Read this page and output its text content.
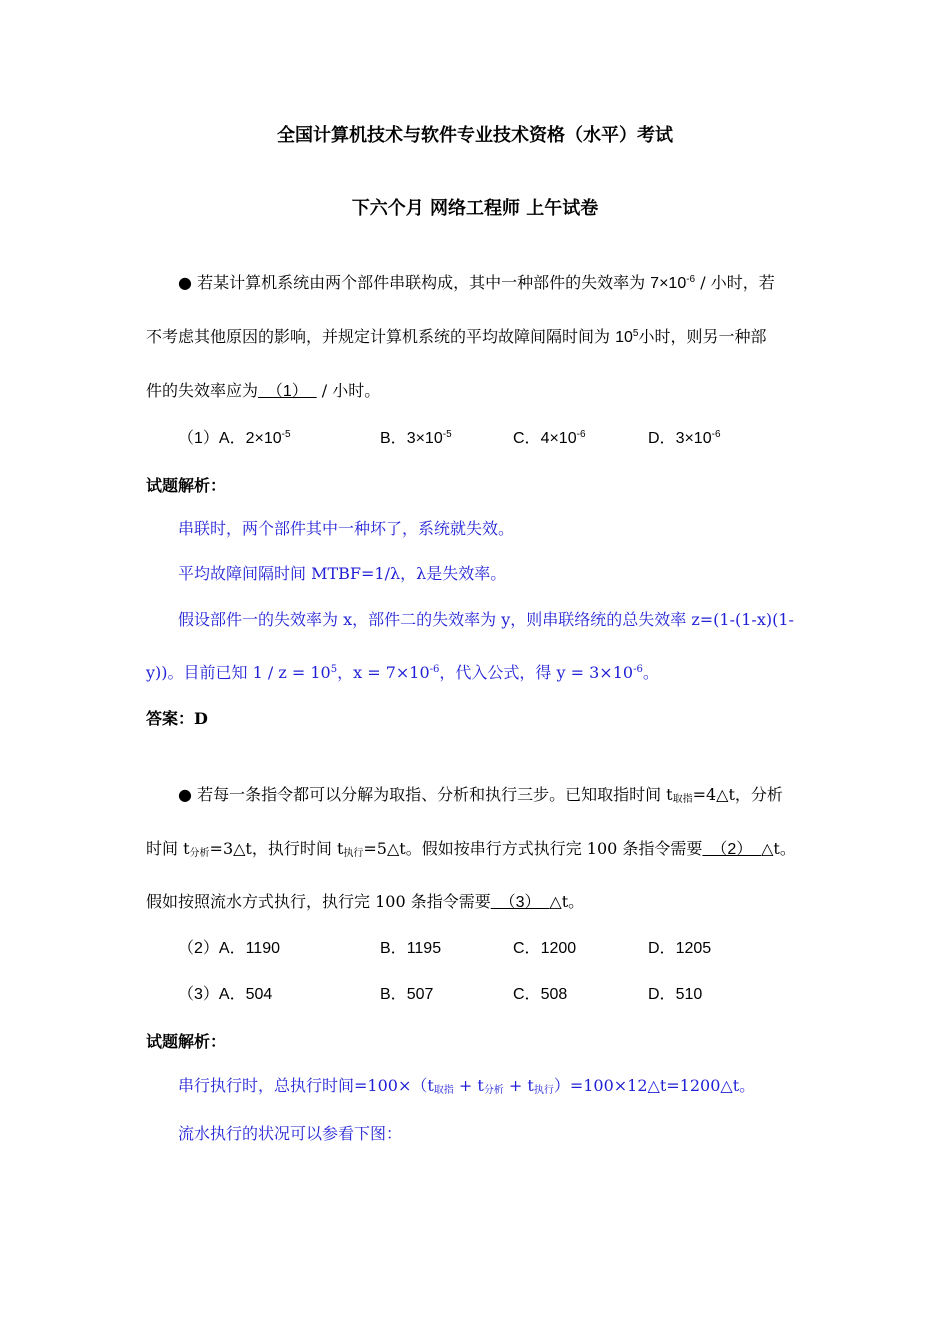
全国计算机技术与软件专业技术资格（水平）考试
下六个月 网络工程师 上午试卷
● 若某计算机系统由两个部件串联构成，其中一种部件的失效率为 $7\times 10^{-6}$ / 小时，若
不考虑其他原因的影响，并规定计算机系统的平均故障间隔时间为 $10^5$小时，则另一种部
件的失效率应为  （1）   / 小时。
（1）A．$2\times 10^{-5}$	B．$3\times 10^{-5}$	C．$4\times 10^{-6}$	D．$3\times 10^{-6}$
试题解析：
串联时，两个部件其中一种坏了，系统就失效。
平均故障间隔时间 MTBF=1/λ，λ是失效率。
假设部件一的失效率为 x，部件二的失效率为 y，则串联络统的总失效率 z=(1-(1-x)(1-
y))。目前已知 $1 / z = 10^5$，$x = 7\times 10^{-6}$，代入公式，得 $y = 3\times 10^{-6}$。
答案：D
● 若每一条指令都可以分解为取指、分析和执行三步。已知取指时间 $t_{取指}=4\triangle t$，分析
时间 $t_{分析}=3\triangle t$，执行时间 $t_{执行}=5\triangle t$。假如按串行方式执行完 100 条指令需要  （2）  △t。
假如按照流水方式执行，执行完 100 条指令需要  （3）  △t。
（2）A．1190	B．1195	C．1200	D．1205
（3）A．504	B．507	C．508	D．510
试题解析：
串行执行时，总执行时间$=100\times(t_{取指} + t_{分析}$ + $t_{执行})=100\times 12\triangle t=1200\triangle t$。
流水执行的状况可以参看下图：
